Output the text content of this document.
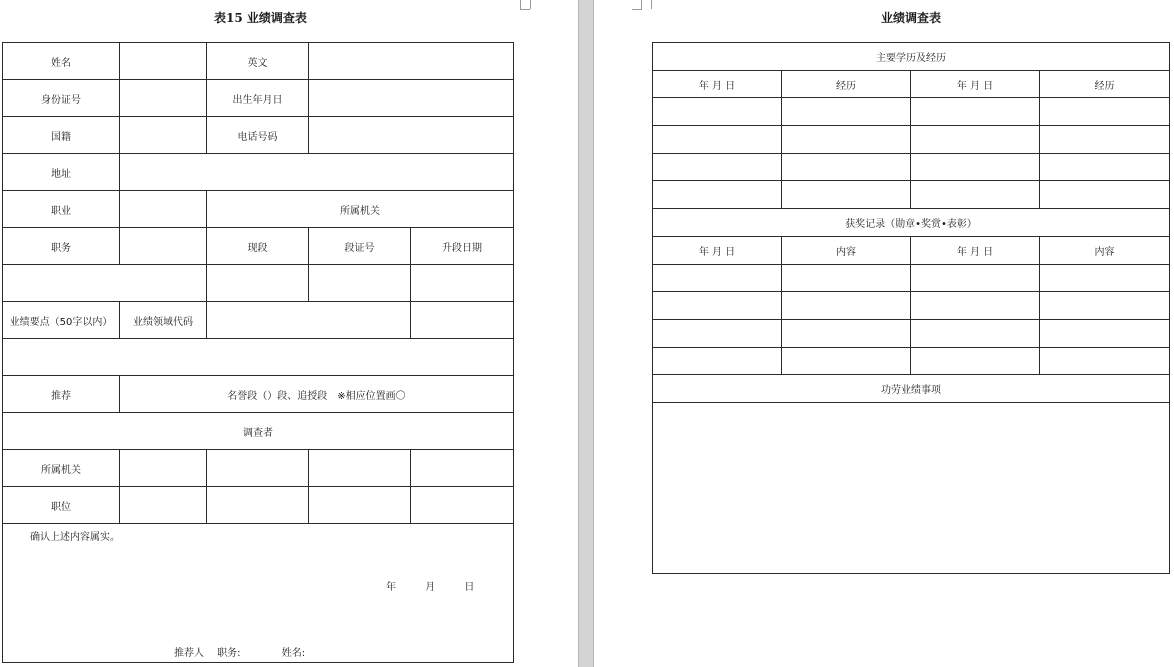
表15 业绩调查表
姓名		英文		
身份证号		出生年月日		
国籍		电话号码		
地址				
职业		所属机关		
职务		现段	段证号	升段日期

业绩要点（50字以内）	业绩领域代码			

推荐	名誉段（）段、追授段　※相应位置画〇			
调查者				
所属机关				
职位				

确认上述内容属实。
年 月 日
推荐人 职务: 姓名:				
业绩调查表
主要学历及经历			
年 月 日	经历	年 月 日	经历

获奖记录（勋章•奖赏•表彰）			
年 月 日	内容	年 月 日	内容

功劳业绩事项			
